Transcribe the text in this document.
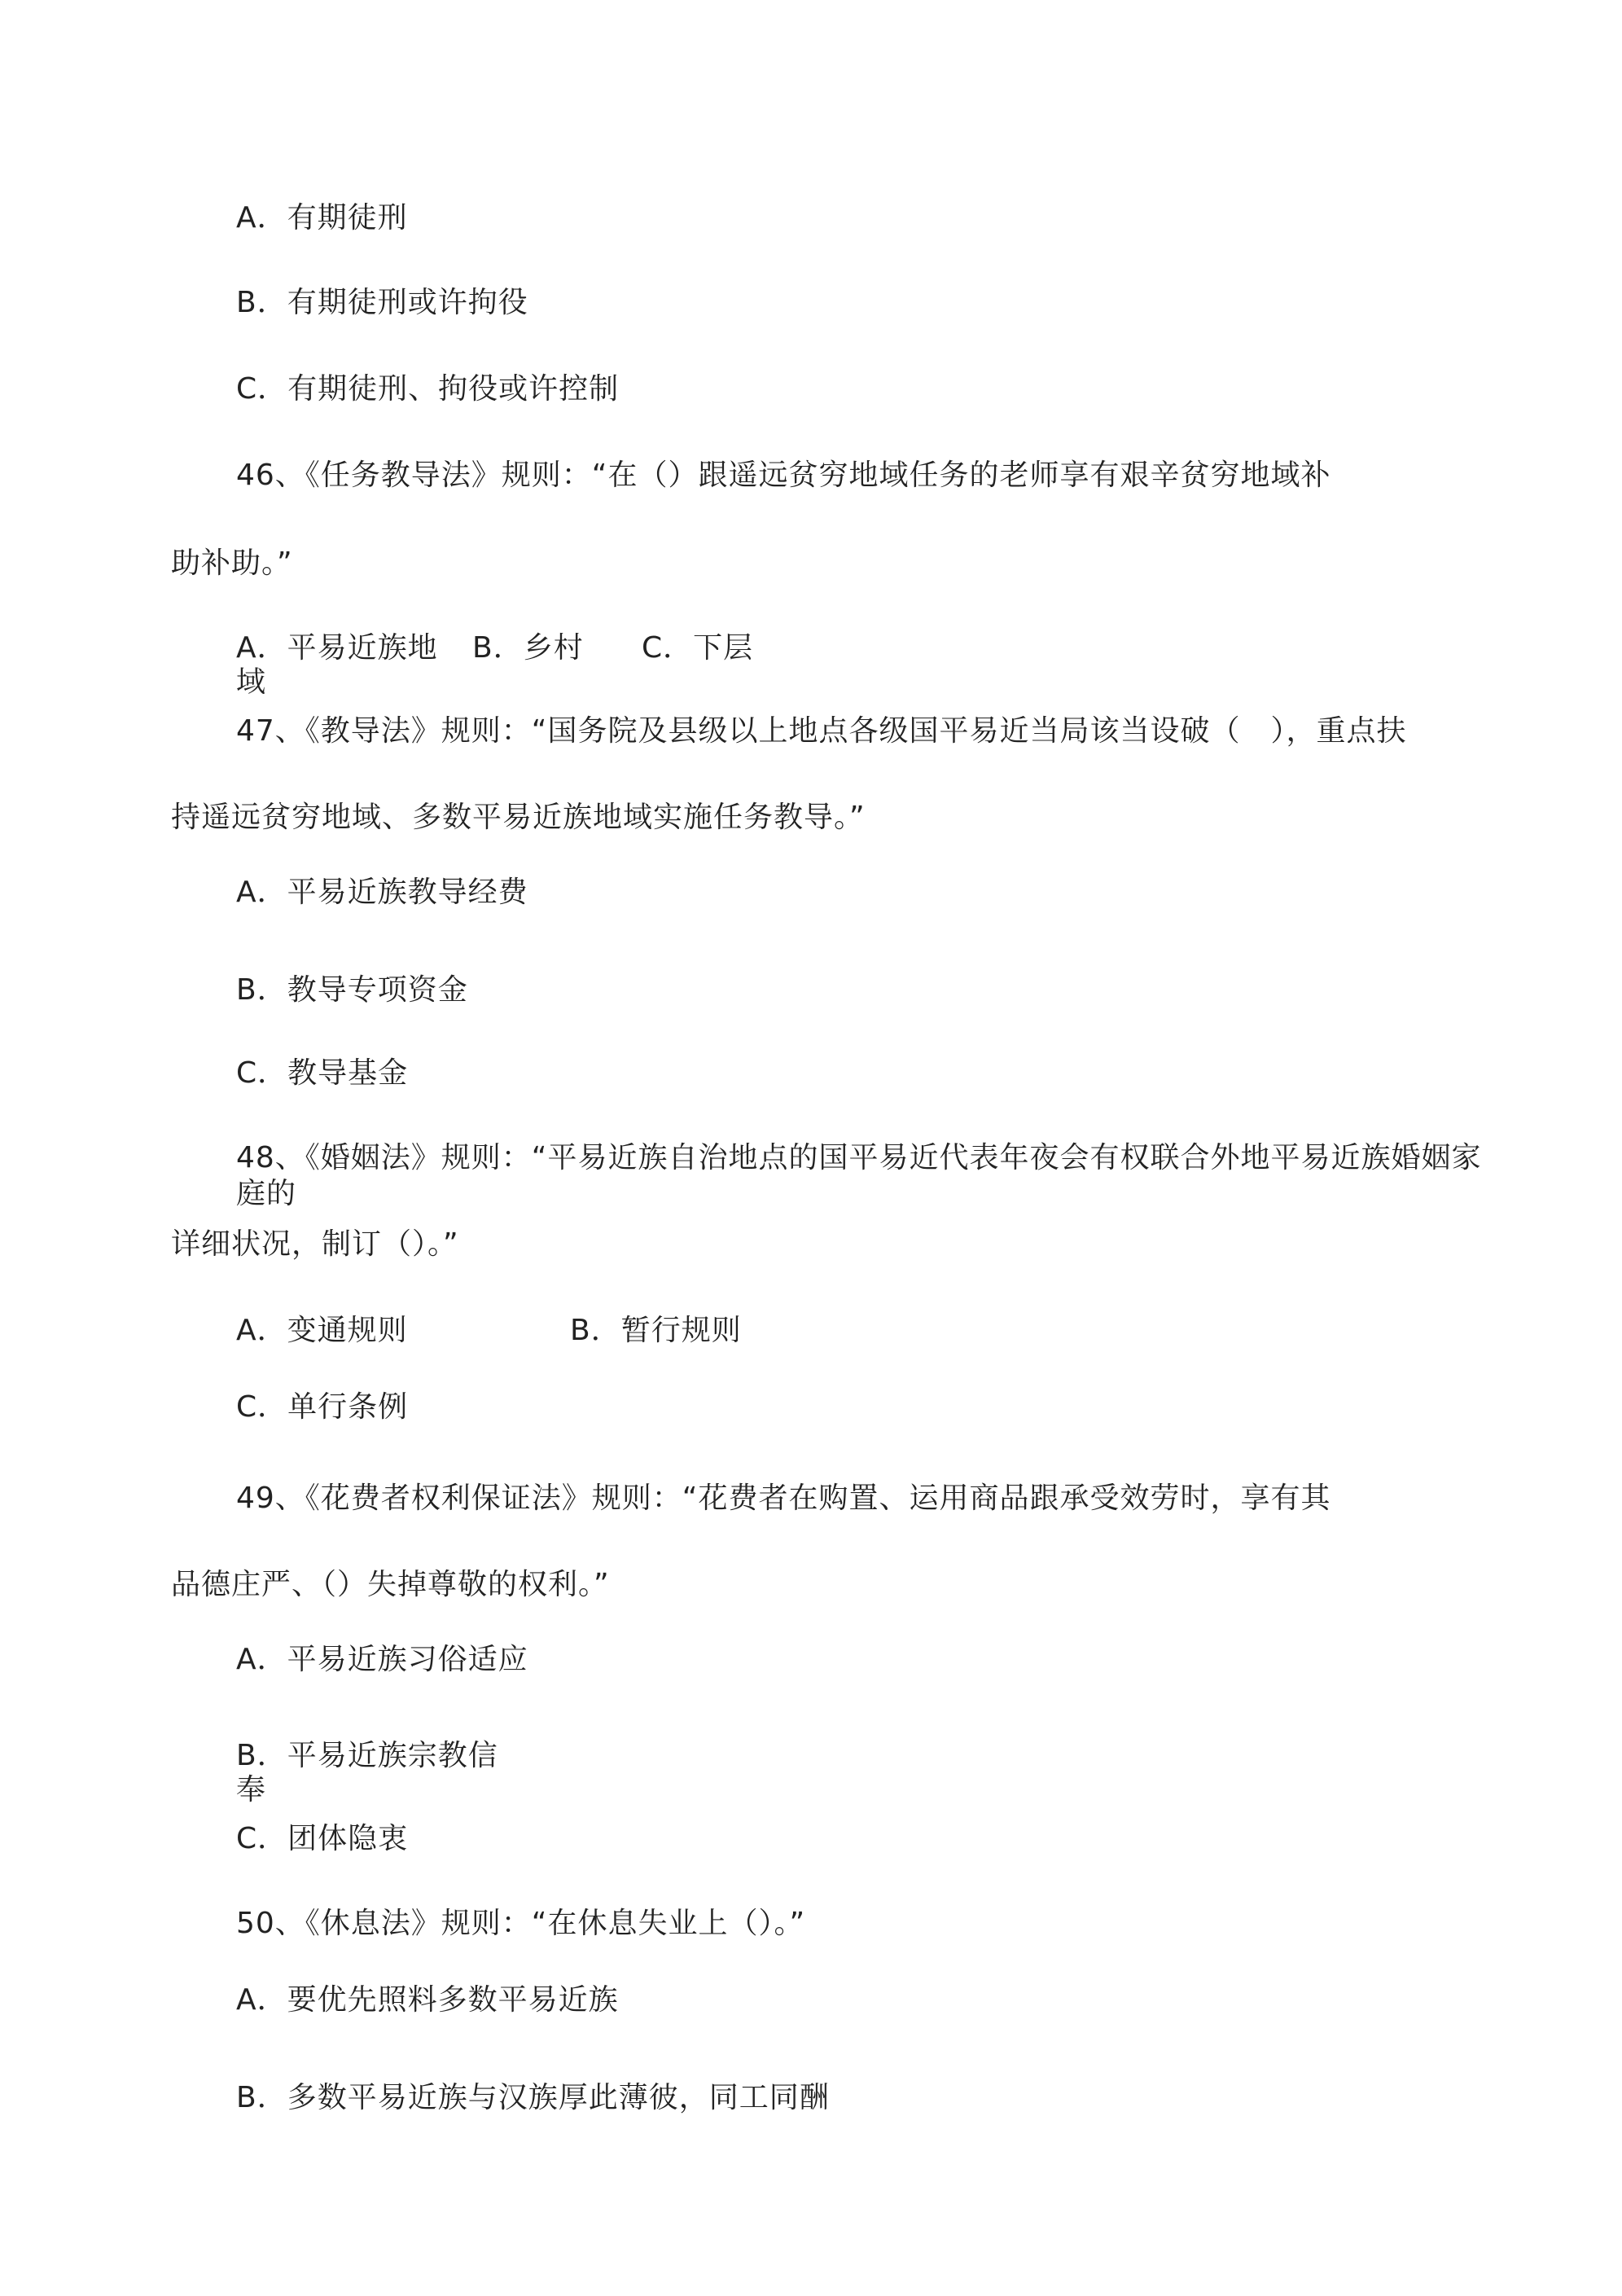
A．有期徒刑
B．有期徒刑或许拘役
C．有期徒刑、拘役或许控制
46、《任务教导法》规则：“在（）跟遥远贫穷地域任务的老师享有艰辛贫穷地域补
助补助。”
A．平易近族地
域
B．乡村 C．下层
47、《教导法》规则：“国务院及县级以上地点各级国平易近当局该当设破（　），重点扶
持遥远贫穷地域、多数平易近族地域实施任务教导。”
A．平易近族教导经费
B．教导专项资金
C．教导基金
48、《婚姻法》规则：“平易近族自治地点的国平易近代表年夜会有权联合外地平易近族婚姻家
庭的
详细状况，制订（）。”
A．变通规则	B．暂行规则
C．单行条例
49、《花费者权利保证法》规则：“花费者在购置、运用商品跟承受效劳时，享有其
品德庄严、（）失掉尊敬的权利。”
A．平易近族习俗适应
B．平易近族宗教信
奉
C．团体隐衷
50、《休息法》规则：“在休息失业上（）。”
A．要优先照料多数平易近族
B．多数平易近族与汉族厚此薄彼，同工同酬
